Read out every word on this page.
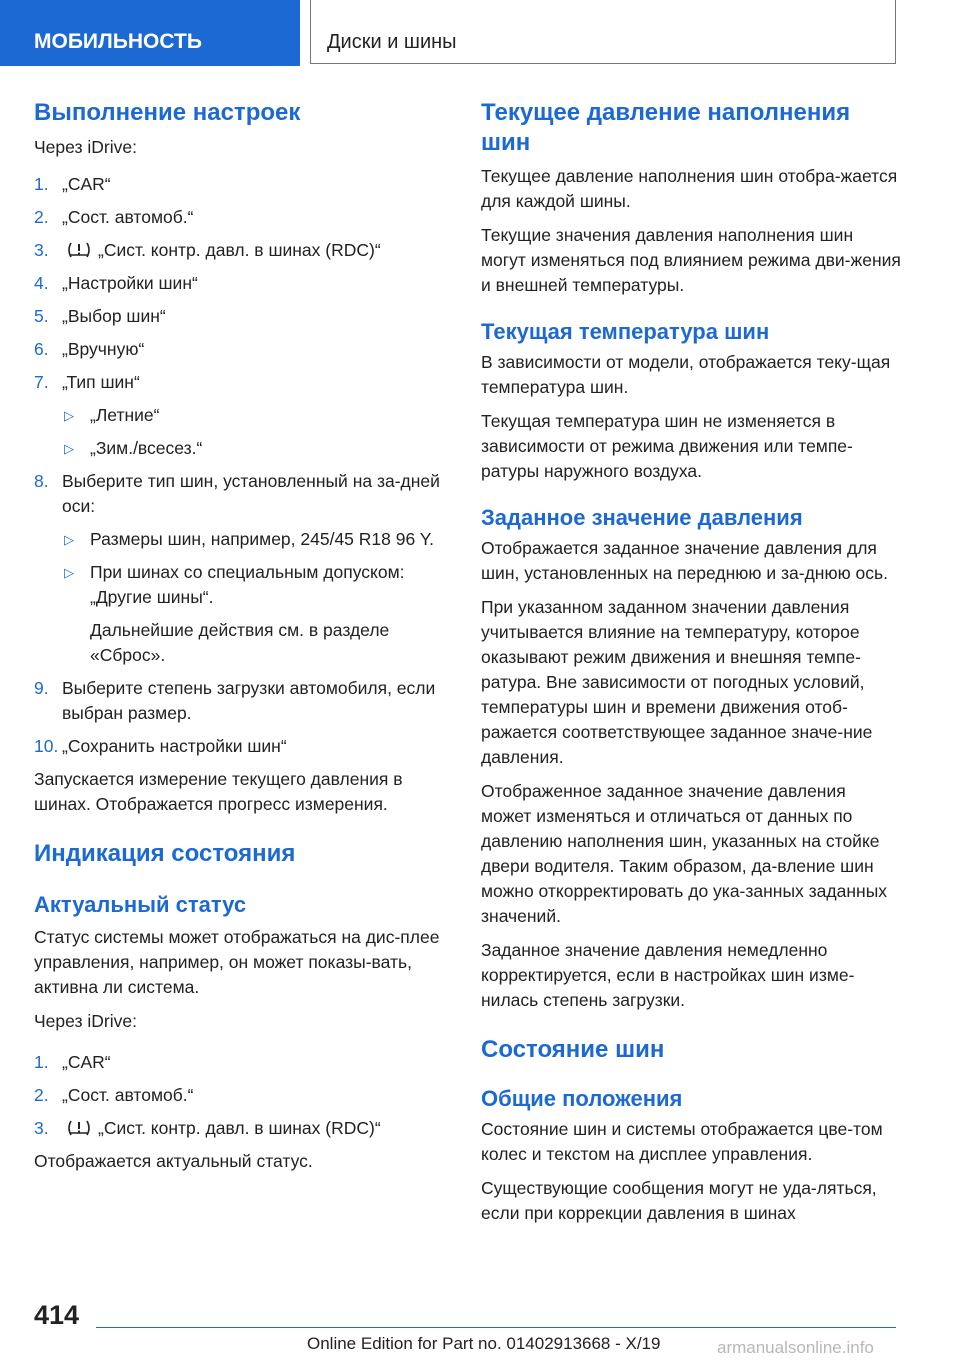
МОБИЛЬНОСТЬ	Диски и шины
Выполнение настроек

Через iDrive:

1. „CAR“
2. „Сост. автомоб.“
3.	„Сист. контр. давл. в шинах (RDC)“
4. „Настройки шин“
5. „Выбор шин“
6. „Вручную“
7. „Тип шин“
▷ „Летние“
▷ „Зим./всесез.“
8. Выберите тип шин, установленный на за-дней оси:
▷ Размеры шин, например, 245/45 R18 96 Y.
▷ При шинах со специальным допуском: „Другие шины“.
Дальнейшие действия см. в разделе «Сброс».
9. Выберите степень загрузки автомобиля, если выбран размер.
10. „Сохранить настройки шин“

Запускается измерение текущего давления в шинах. Отображается прогресс измерения.

Индикация состояния
Актуальный статус

Статус системы может отображаться на дис-плее управления, например, он может показы-вать, активна ли система.

Через iDrive:

1. „CAR“
2. „Сост. автомоб.“
3.	„Сист. контр. давл. в шинах (RDC)“

Отображается актуальный статус.

Текущее давление наполнения шин

Текущее давление наполнения шин отобра-жается для каждой шины.

Текущие значения давления наполнения шин могут изменяться под влиянием режима дви-жения и внешней температуры.

Текущая температура шин

В зависимости от модели, отображается теку-щая температура шин.

Текущая температура шин не изменяется в зависимости от режима движения или темпе-ратуры наружного воздуха.

Заданное значение давления

Отображается заданное значение давления для шин, установленных на переднюю и за-днюю ось.

При указанном заданном значении давления учитывается влияние на температуру, которое оказывают режим движения и внешняя темпе-ратура. Вне зависимости от погодных условий, температуры шин и времени движения отоб-ражается соответствующее заданное значе-ние давления.

Отображенное заданное значение давления может изменяться и отличаться от данных по давлению наполнения шин, указанных на стойке двери водителя. Таким образом, да-вление шин можно откорректировать до ука-занных заданных значений.

Заданное значение давления немедленно корректируется, если в настройках шин изме-нилась степень загрузки.

Состояние шин
Общие положения

Состояние шин и системы отображается цве-том колес и текстом на дисплее управления.

Существующие сообщения могут не уда-ляться, если при коррекции давления в шинах

414
Online Edition for Part no. 01402913668 - X/19	armanualsonline.info
